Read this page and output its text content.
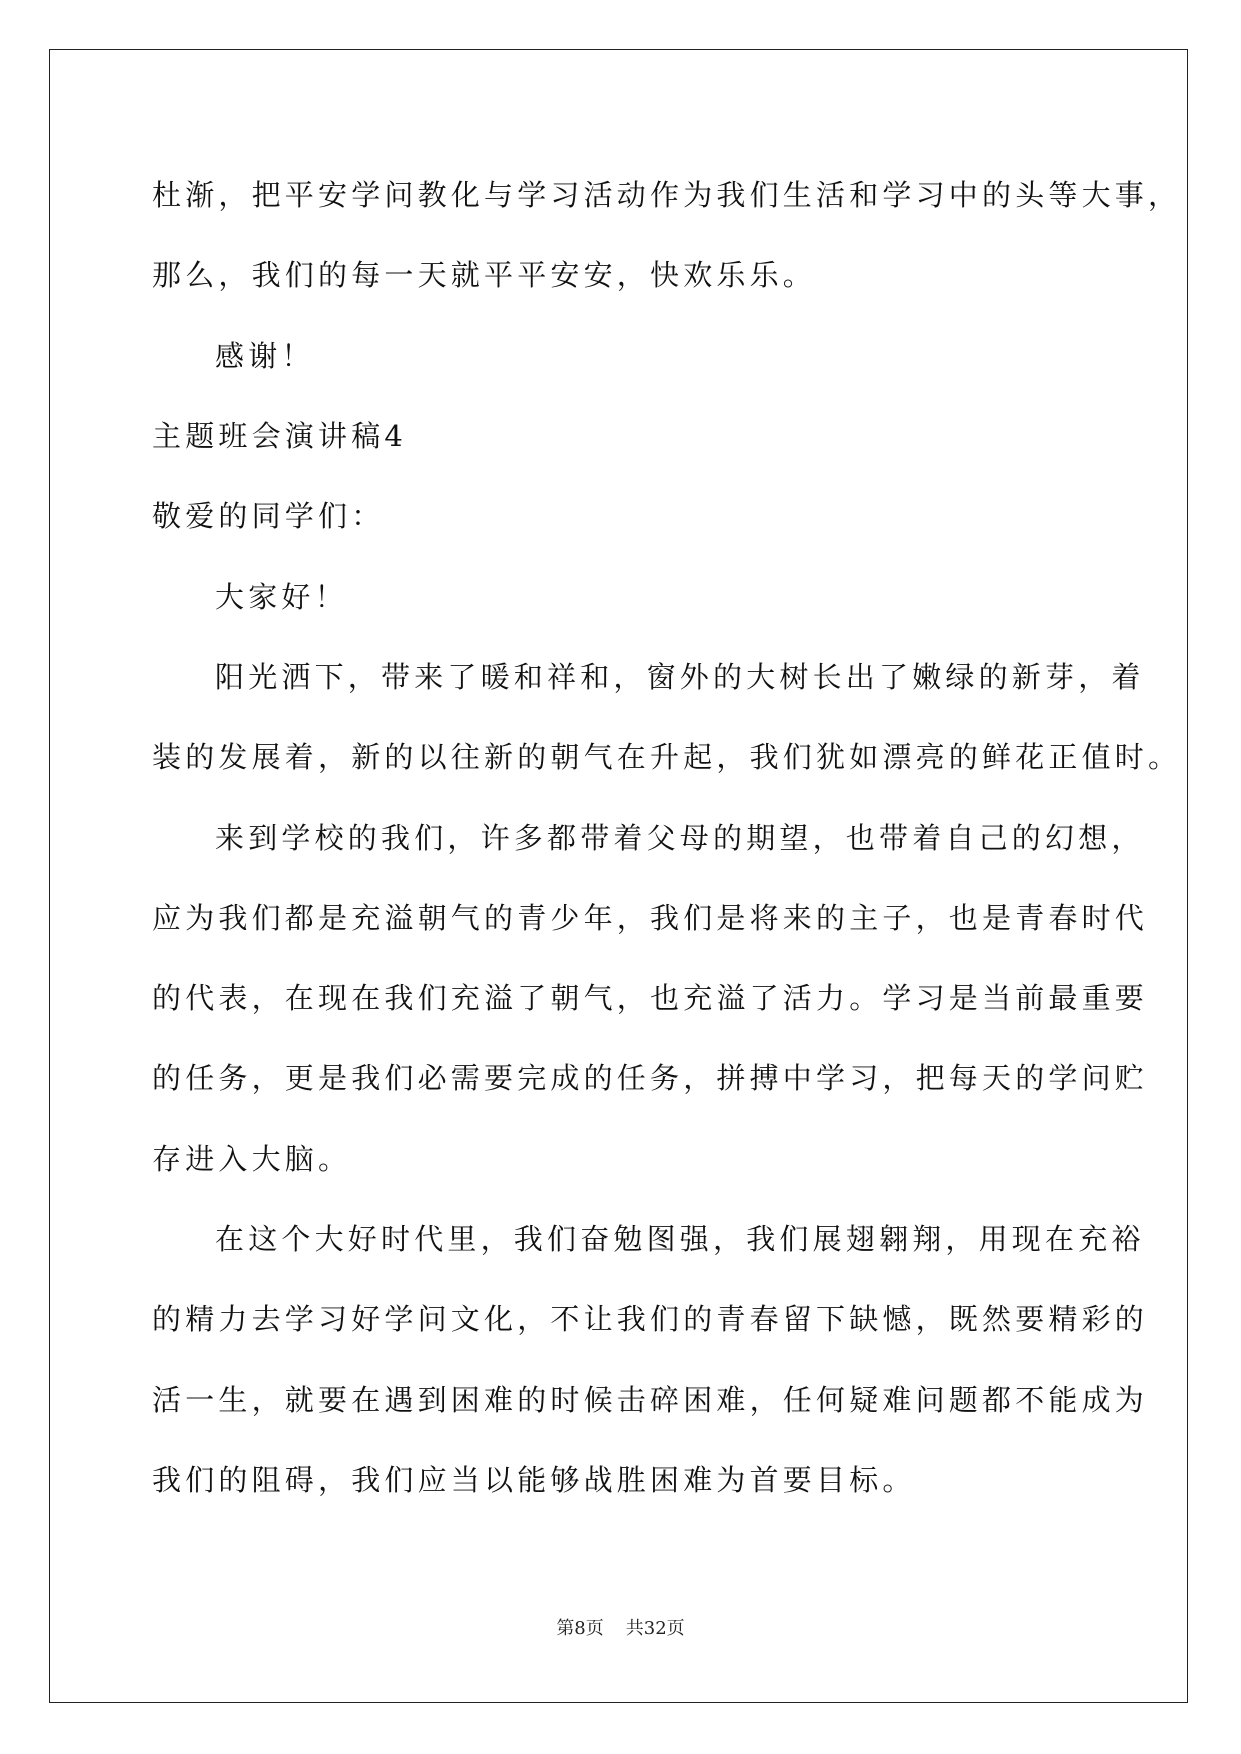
杜渐，把平安学问教化与学习活动作为我们生活和学习中的头等大事，
那么，我们的每一天就平平安安，快欢乐乐。
感谢！
主题班会演讲稿4
敬爱的同学们：
大家好！
阳光洒下，带来了暖和祥和，窗外的大树长出了嫩绿的新芽，着
装的发展着，新的以往新的朝气在升起，我们犹如漂亮的鲜花正值时。
来到学校的我们，许多都带着父母的期望，也带着自己的幻想，
应为我们都是充溢朝气的青少年，我们是将来的主子，也是青春时代
的代表，在现在我们充溢了朝气，也充溢了活力。学习是当前最重要
的任务，更是我们必需要完成的任务，拼搏中学习，把每天的学问贮
存进入大脑。
在这个大好时代里，我们奋勉图强，我们展翅翱翔，用现在充裕
的精力去学习好学问文化，不让我们的青春留下缺憾，既然要精彩的
活一生，就要在遇到困难的时候击碎困难，任何疑难问题都不能成为
我们的阻碍，我们应当以能够战胜困难为首要目标。
第8页 共32页
